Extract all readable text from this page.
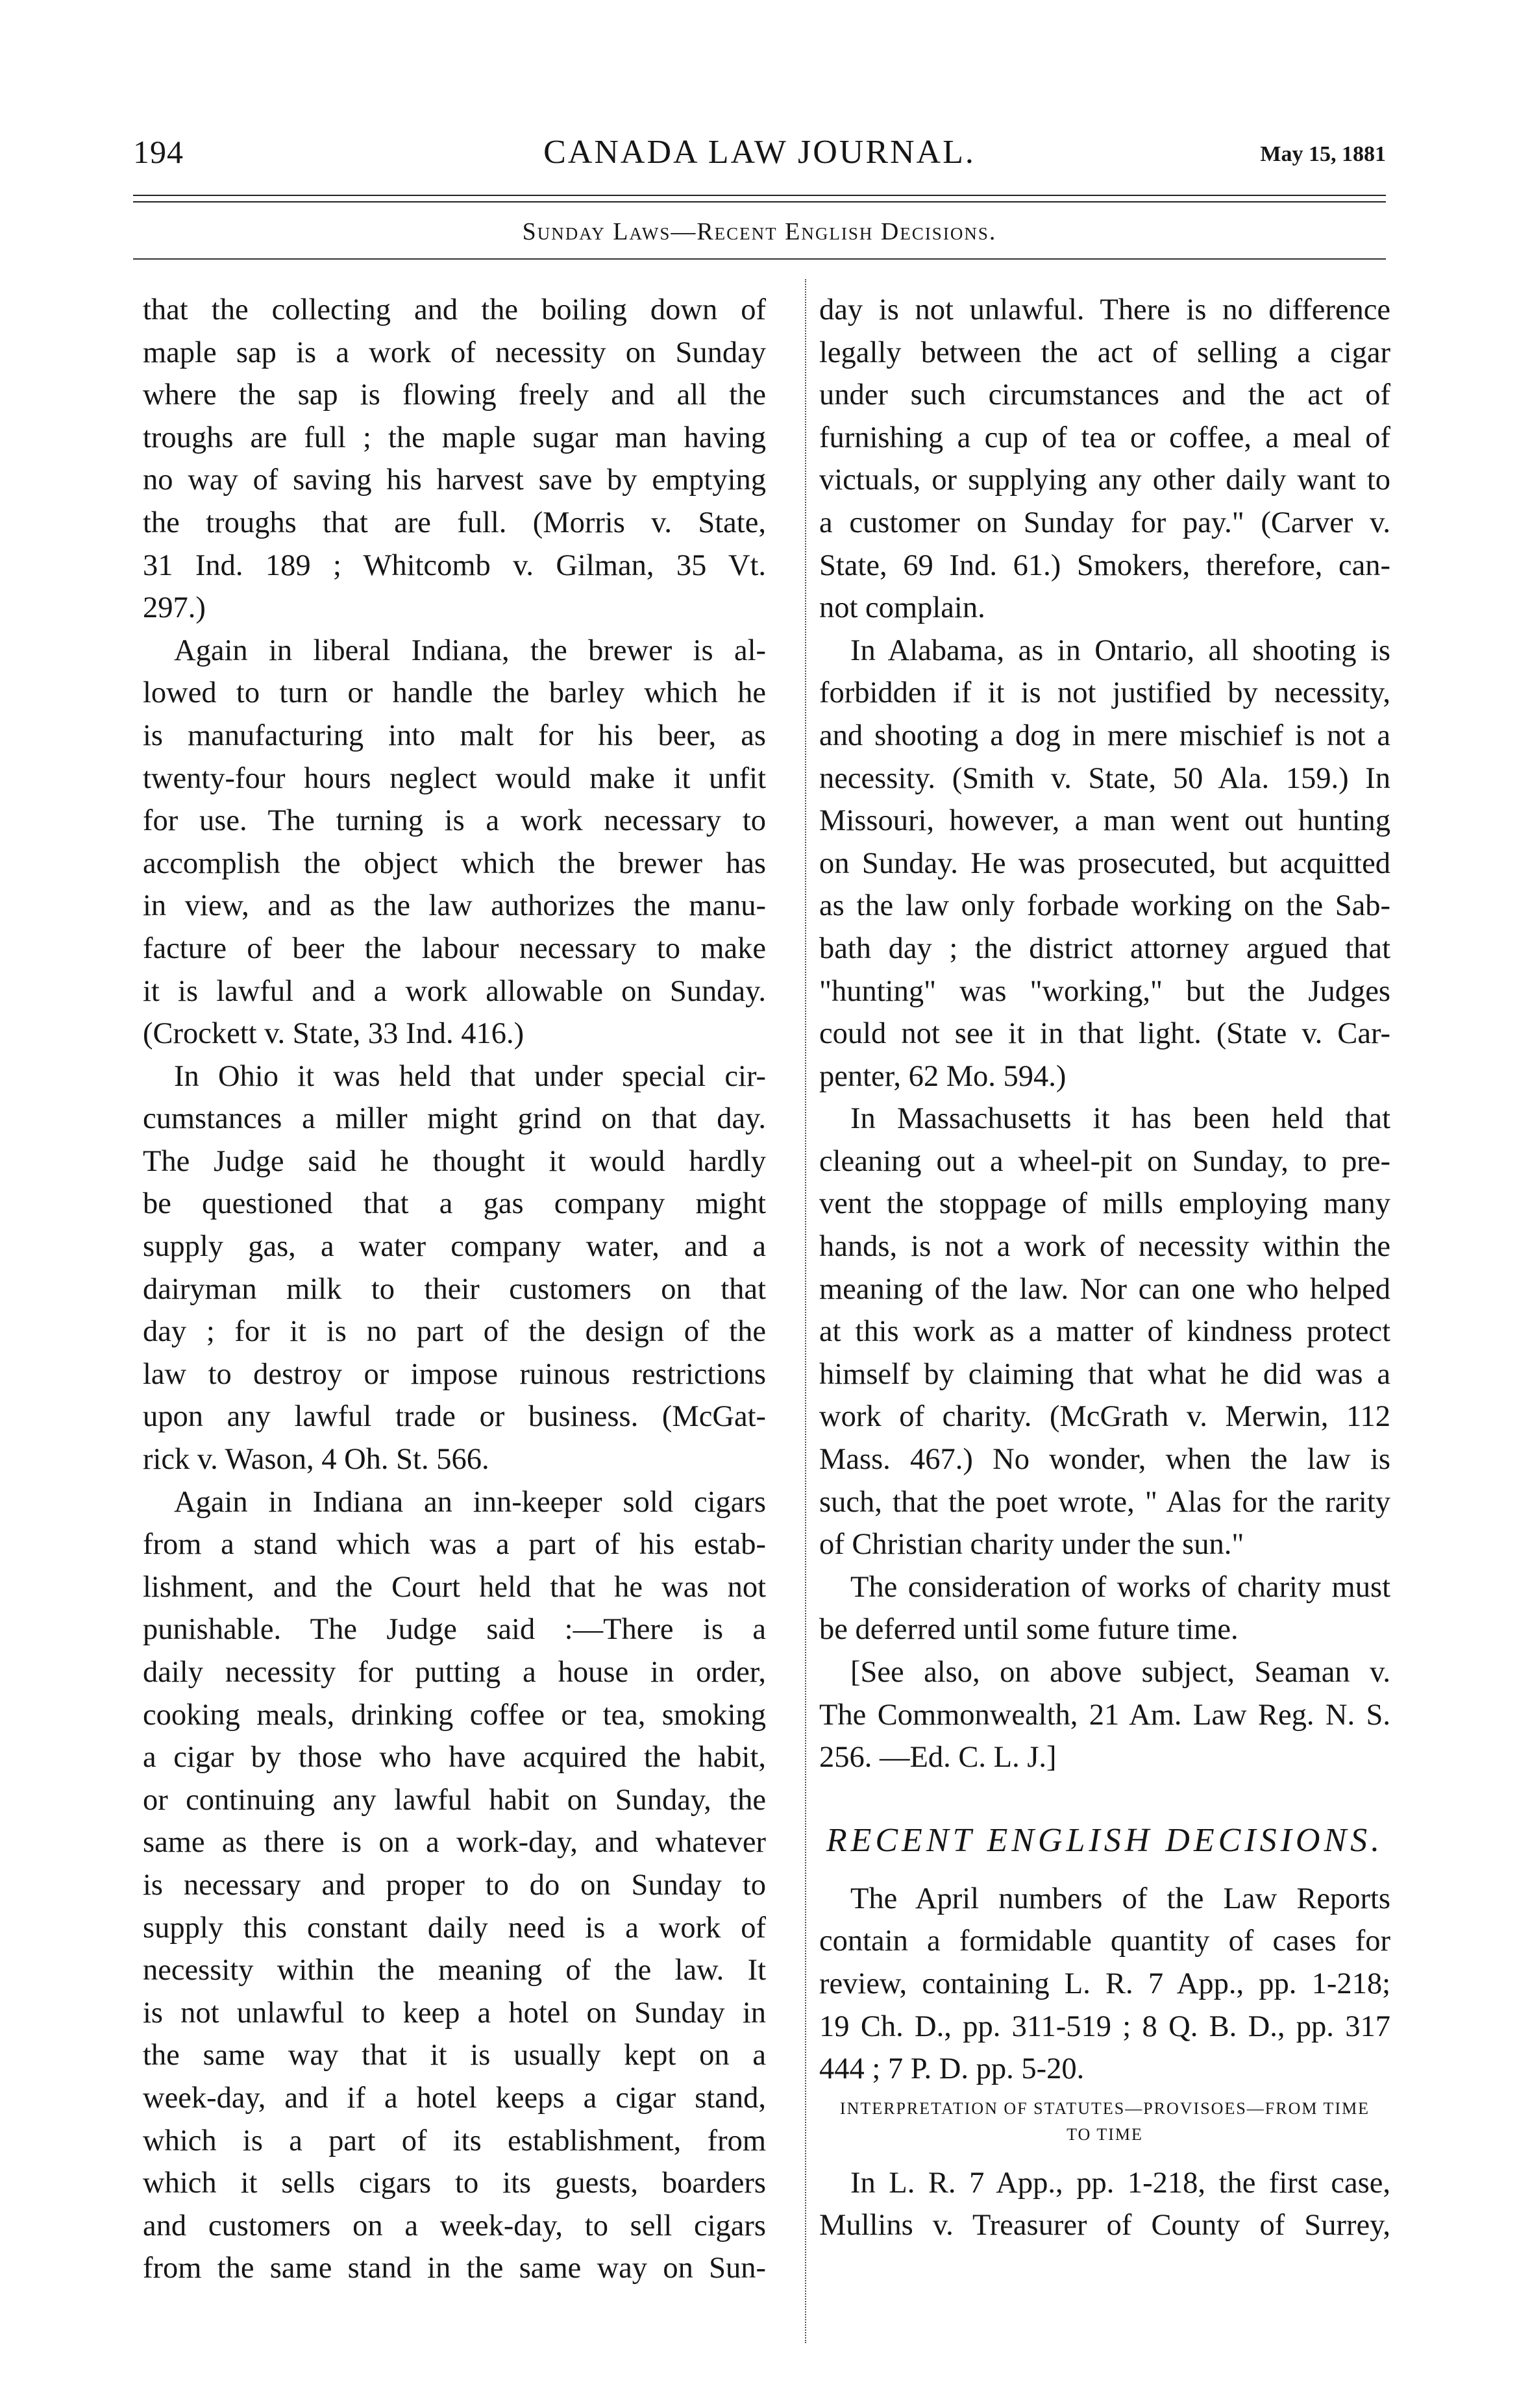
194	CANADA LAW JOURNAL.	May 15, 1881
Sunday Laws—Recent English Decisions.
that the collecting and the boiling down of
maple sap is a work of necessity on Sunday
where the sap is flowing freely and all the
troughs are full ; the maple sugar man having
no way of saving his harvest save by emptying
the troughs that are full. (Morris v. State,
31 Ind. 189 ; Whitcomb v. Gilman, 35 Vt.
297.)
Again in liberal Indiana, the brewer is al-
lowed to turn or handle the barley which he
is manufacturing into malt for his beer, as
twenty-four hours neglect would make it unfit
for use. The turning is a work necessary to
accomplish the object which the brewer has
in view, and as the law authorizes the manu-
facture of beer the labour necessary to make
it is lawful and a work allowable on Sunday.
(Crockett v. State, 33 Ind. 416.)
In Ohio it was held that under special cir-
cumstances a miller might grind on that day.
The Judge said he thought it would hardly
be questioned that a gas company might
supply gas, a water company water, and a
dairyman milk to their customers on that
day ; for it is no part of the design of the
law to destroy or impose ruinous restrictions
upon any lawful trade or business. (McGat-
rick v. Wason, 4 Oh. St. 566.
Again in Indiana an inn-keeper sold cigars
from a stand which was a part of his estab-
lishment, and the Court held that he was not
punishable. The Judge said :—There is a
daily necessity for putting a house in order,
cooking meals, drinking coffee or tea, smoking
a cigar by those who have acquired the habit,
or continuing any lawful habit on Sunday, the
same as there is on a work-day, and whatever
is necessary and proper to do on Sunday to
supply this constant daily need is a work of
necessity within the meaning of the law. It
is not unlawful to keep a hotel on Sunday in
the same way that it is usually kept on a
week-day, and if a hotel keeps a cigar stand,
which is a part of its establishment, from
which it sells cigars to its guests, boarders
and customers on a week-day, to sell cigars
from the same stand in the same way on Sun-
day is not unlawful. There is no difference
legally between the act of selling a cigar
under such circumstances and the act of
furnishing a cup of tea or coffee, a meal of
victuals, or supplying any other daily want to
a customer on Sunday for pay." (Carver v.
State, 69 Ind. 61.) Smokers, therefore, can-
not complain.
In Alabama, as in Ontario, all shooting is
forbidden if it is not justified by necessity,
and shooting a dog in mere mischief is not a
necessity. (Smith v. State, 50 Ala. 159.) In
Missouri, however, a man went out hunting
on Sunday. He was prosecuted, but acquitted
as the law only forbade working on the Sab-
bath day ; the district attorney argued that
"hunting" was "working," but the Judges
could not see it in that light. (State v. Car-
penter, 62 Mo. 594.)
In Massachusetts it has been held that
cleaning out a wheel-pit on Sunday, to pre-
vent the stoppage of mills employing many
hands, is not a work of necessity within the
meaning of the law. Nor can one who helped
at this work as a matter of kindness protect
himself by claiming that what he did was a
work of charity. (McGrath v. Merwin, 112
Mass. 467.) No wonder, when the law is
such, that the poet wrote, " Alas for the rarity
of Christian charity under the sun."
The consideration of works of charity must
be deferred until some future time.
[See also, on above subject, Seaman v.
The Commonwealth, 21 Am. Law Reg. N. S.
256. —Ed. C. L. J.]
RECENT ENGLISH DECISIONS.
The April numbers of the Law Reports
contain a formidable quantity of cases for
review, containing L. R. 7 App., pp. 1-218;
19 Ch. D., pp. 311-519 ; 8 Q. B. D., pp. 317
444 ; 7 P. D. pp. 5-20.
INTERPRETATION OF STATUTES—PROVISOES—FROM TIME
TO TIME
In L. R. 7 App., pp. 1-218, the first case,
Mullins v. Treasurer of County of Surrey,
